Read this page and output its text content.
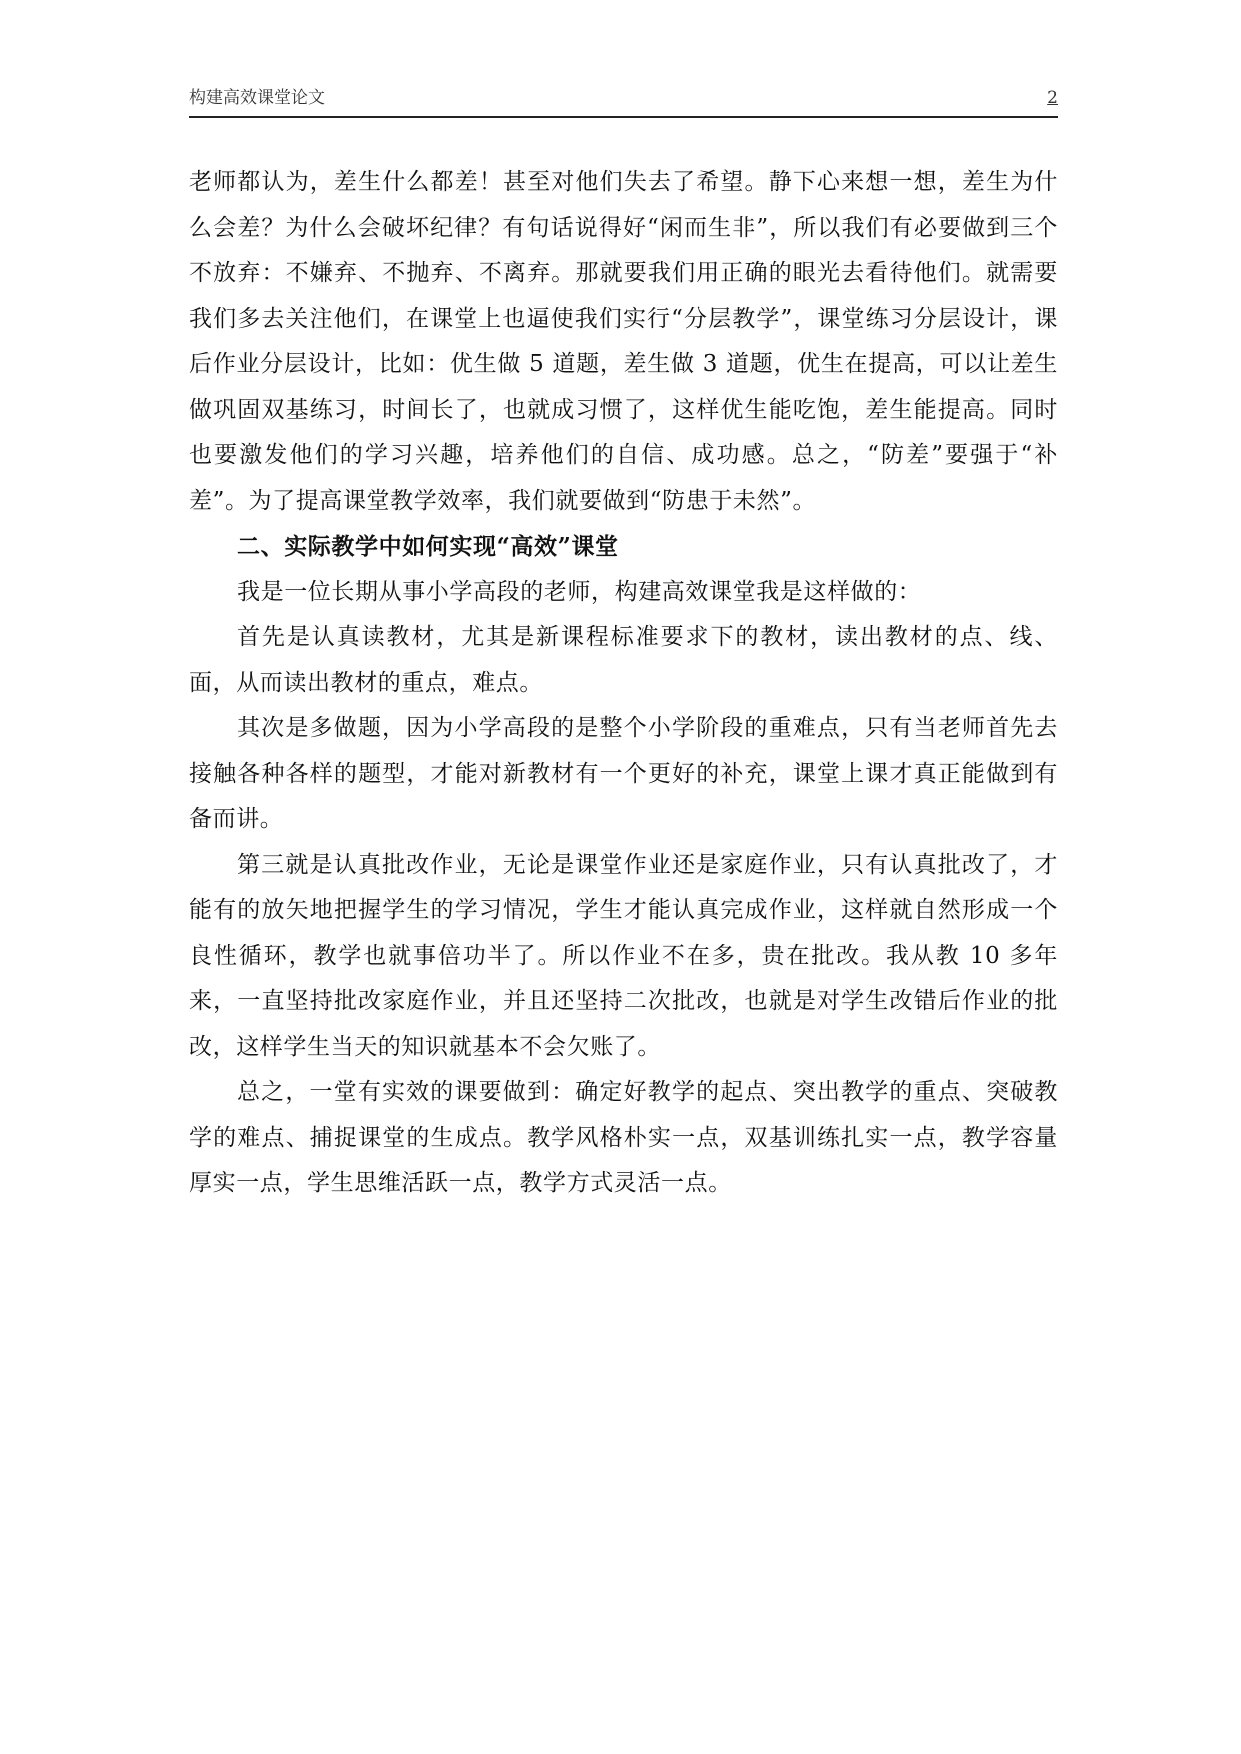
构建高效课堂论文	2

老师都认为，差生什么都差！甚至对他们失去了希望。静下心来想一想，差生为什么会差？为什么会破坏纪律？有句话说得好“闲而生非”，所以我们有必要做到三个不放弃：不嫌弃、不抛弃、不离弃。那就要我们用正确的眼光去看待他们。就需要我们多去关注他们，在课堂上也逼使我们实行“分层教学”，课堂练习分层设计，课后作业分层设计，比如：优生做 5 道题，差生做 3 道题，优生在提高，可以让差生做巩固双基练习，时间长了，也就成习惯了，这样优生能吃饱，差生能提高。同时也要激发他们的学习兴趣，培养他们的自信、成功感。总之，“防差”要强于“补差”。为了提高课堂教学效率，我们就要做到“防患于未然”。

二、实际教学中如何实现“高效”课堂

我是一位长期从事小学高段的老师，构建高效课堂我是这样做的：

首先是认真读教材，尤其是新课程标准要求下的教材，读出教材的点、线、面，从而读出教材的重点，难点。

其次是多做题，因为小学高段的是整个小学阶段的重难点，只有当老师首先去接触各种各样的题型，才能对新教材有一个更好的补充，课堂上课才真正能做到有备而讲。

第三就是认真批改作业，无论是课堂作业还是家庭作业，只有认真批改了，才能有的放矢地把握学生的学习情况，学生才能认真完成作业，这样就自然形成一个良性循环，教学也就事倍功半了。所以作业不在多，贵在批改。我从教 10 多年来，一直坚持批改家庭作业，并且还坚持二次批改，也就是对学生改错后作业的批改，这样学生当天的知识就基本不会欠账了。

总之，一堂有实效的课要做到：确定好教学的起点、突出教学的重点、突破教学的难点、捕捉课堂的生成点。教学风格朴实一点，双基训练扎实一点，教学容量厚实一点，学生思维活跃一点，教学方式灵活一点。
